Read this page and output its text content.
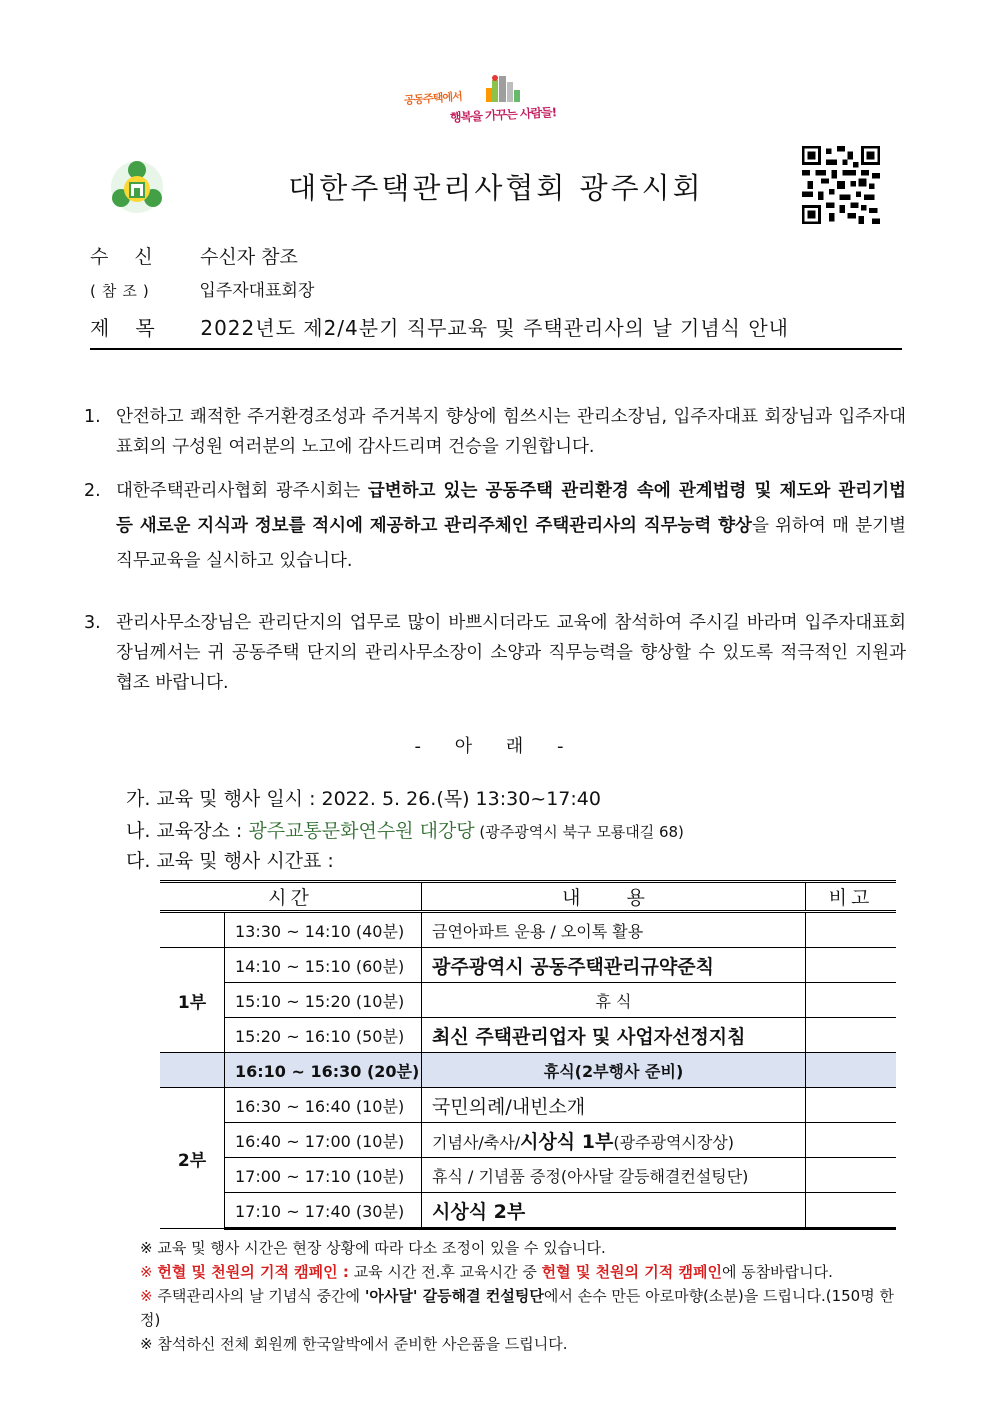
공동주택에서
행복을 가꾸는 사람들!
대한주택관리사협회 광주시회
수신 수신자 참조
(참조)	입주자대표회장
제목 2022년도 제2/4분기 직무교육 및 주택관리사의 날 기념식 안내
1. 안전하고 쾌적한 주거환경조성과 주거복지 향상에 힘쓰시는 관리소장님, 입주자대표 회장님과 입주자대표회의 구성원 여러분의 노고에 감사드리며 건승을 기원합니다.
2. 대한주택관리사협회 광주시회는 급변하고 있는 공동주택 관리환경 속에 관계법령 및 제도와 관리기법 등 새로운 지식과 정보를 적시에 제공하고 관리주체인 주택관리사의 직무능력 향상을 위하여 매 분기별 직무교육을 실시하고 있습니다.
3. 관리사무소장님은 관리단지의 업무로 많이 바쁘시더라도 교육에 참석하여 주시길 바라며 입주자대표회장님께서는 귀 공동주택 단지의 관리사무소장이 소양과 직무능력을 향상할 수 있도록 적극적인 지원과 협조 바랍니다.
- 아 래 -
가. 교육 및 행사 일시 : 2022. 5. 26.(목) 13:30~17:40
나. 교육장소 : 광주교통문화연수원 대강당 (광주광역시 북구 모룡대길 68)
다. 교육 및 행사 시간표 :
시간		내 용	비고
	13:30 ~ 14:10 (40분)	금연아파트 운용 / 오이톡 활용	
1부	14:10 ~ 15:10 (60분)	광주광역시 공동주택관리규약준칙	
	15:10 ~ 15:20 (10분)	휴 식	
	15:20 ~ 16:10 (50분)	최신 주택관리업자 및 사업자선정지침	
	16:10 ~ 16:30 (20분)	휴식(2부행사 준비)	
2부	16:30 ~ 16:40 (10분)	국민의례/내빈소개	
	16:40 ~ 17:00 (10분)	기념사/축사/시상식 1부(광주광역시장상)	
	17:00 ~ 17:10 (10분)	휴식 / 기념품 증정(아사달 갈등해결컨설팅단)	
	17:10 ~ 17:40 (30분)	시상식 2부	
※ 교육 및 행사 시간은 현장 상황에 따라 다소 조정이 있을 수 있습니다.
※ 헌혈 및 천원의 기적 캠페인 : 교육 시간 전.후 교육시간 중 헌혈 및 천원의 기적 캠페인에 동참바랍니다.
※ 주택관리사의 날 기념식 중간에 '아사달' 갈등해결 컨설팅단에서 손수 만든 아로마향(소분)을 드립니다.(150명 한정)
※ 참석하신 전체 회원께 한국알박에서 준비한 사은품을 드립니다.
